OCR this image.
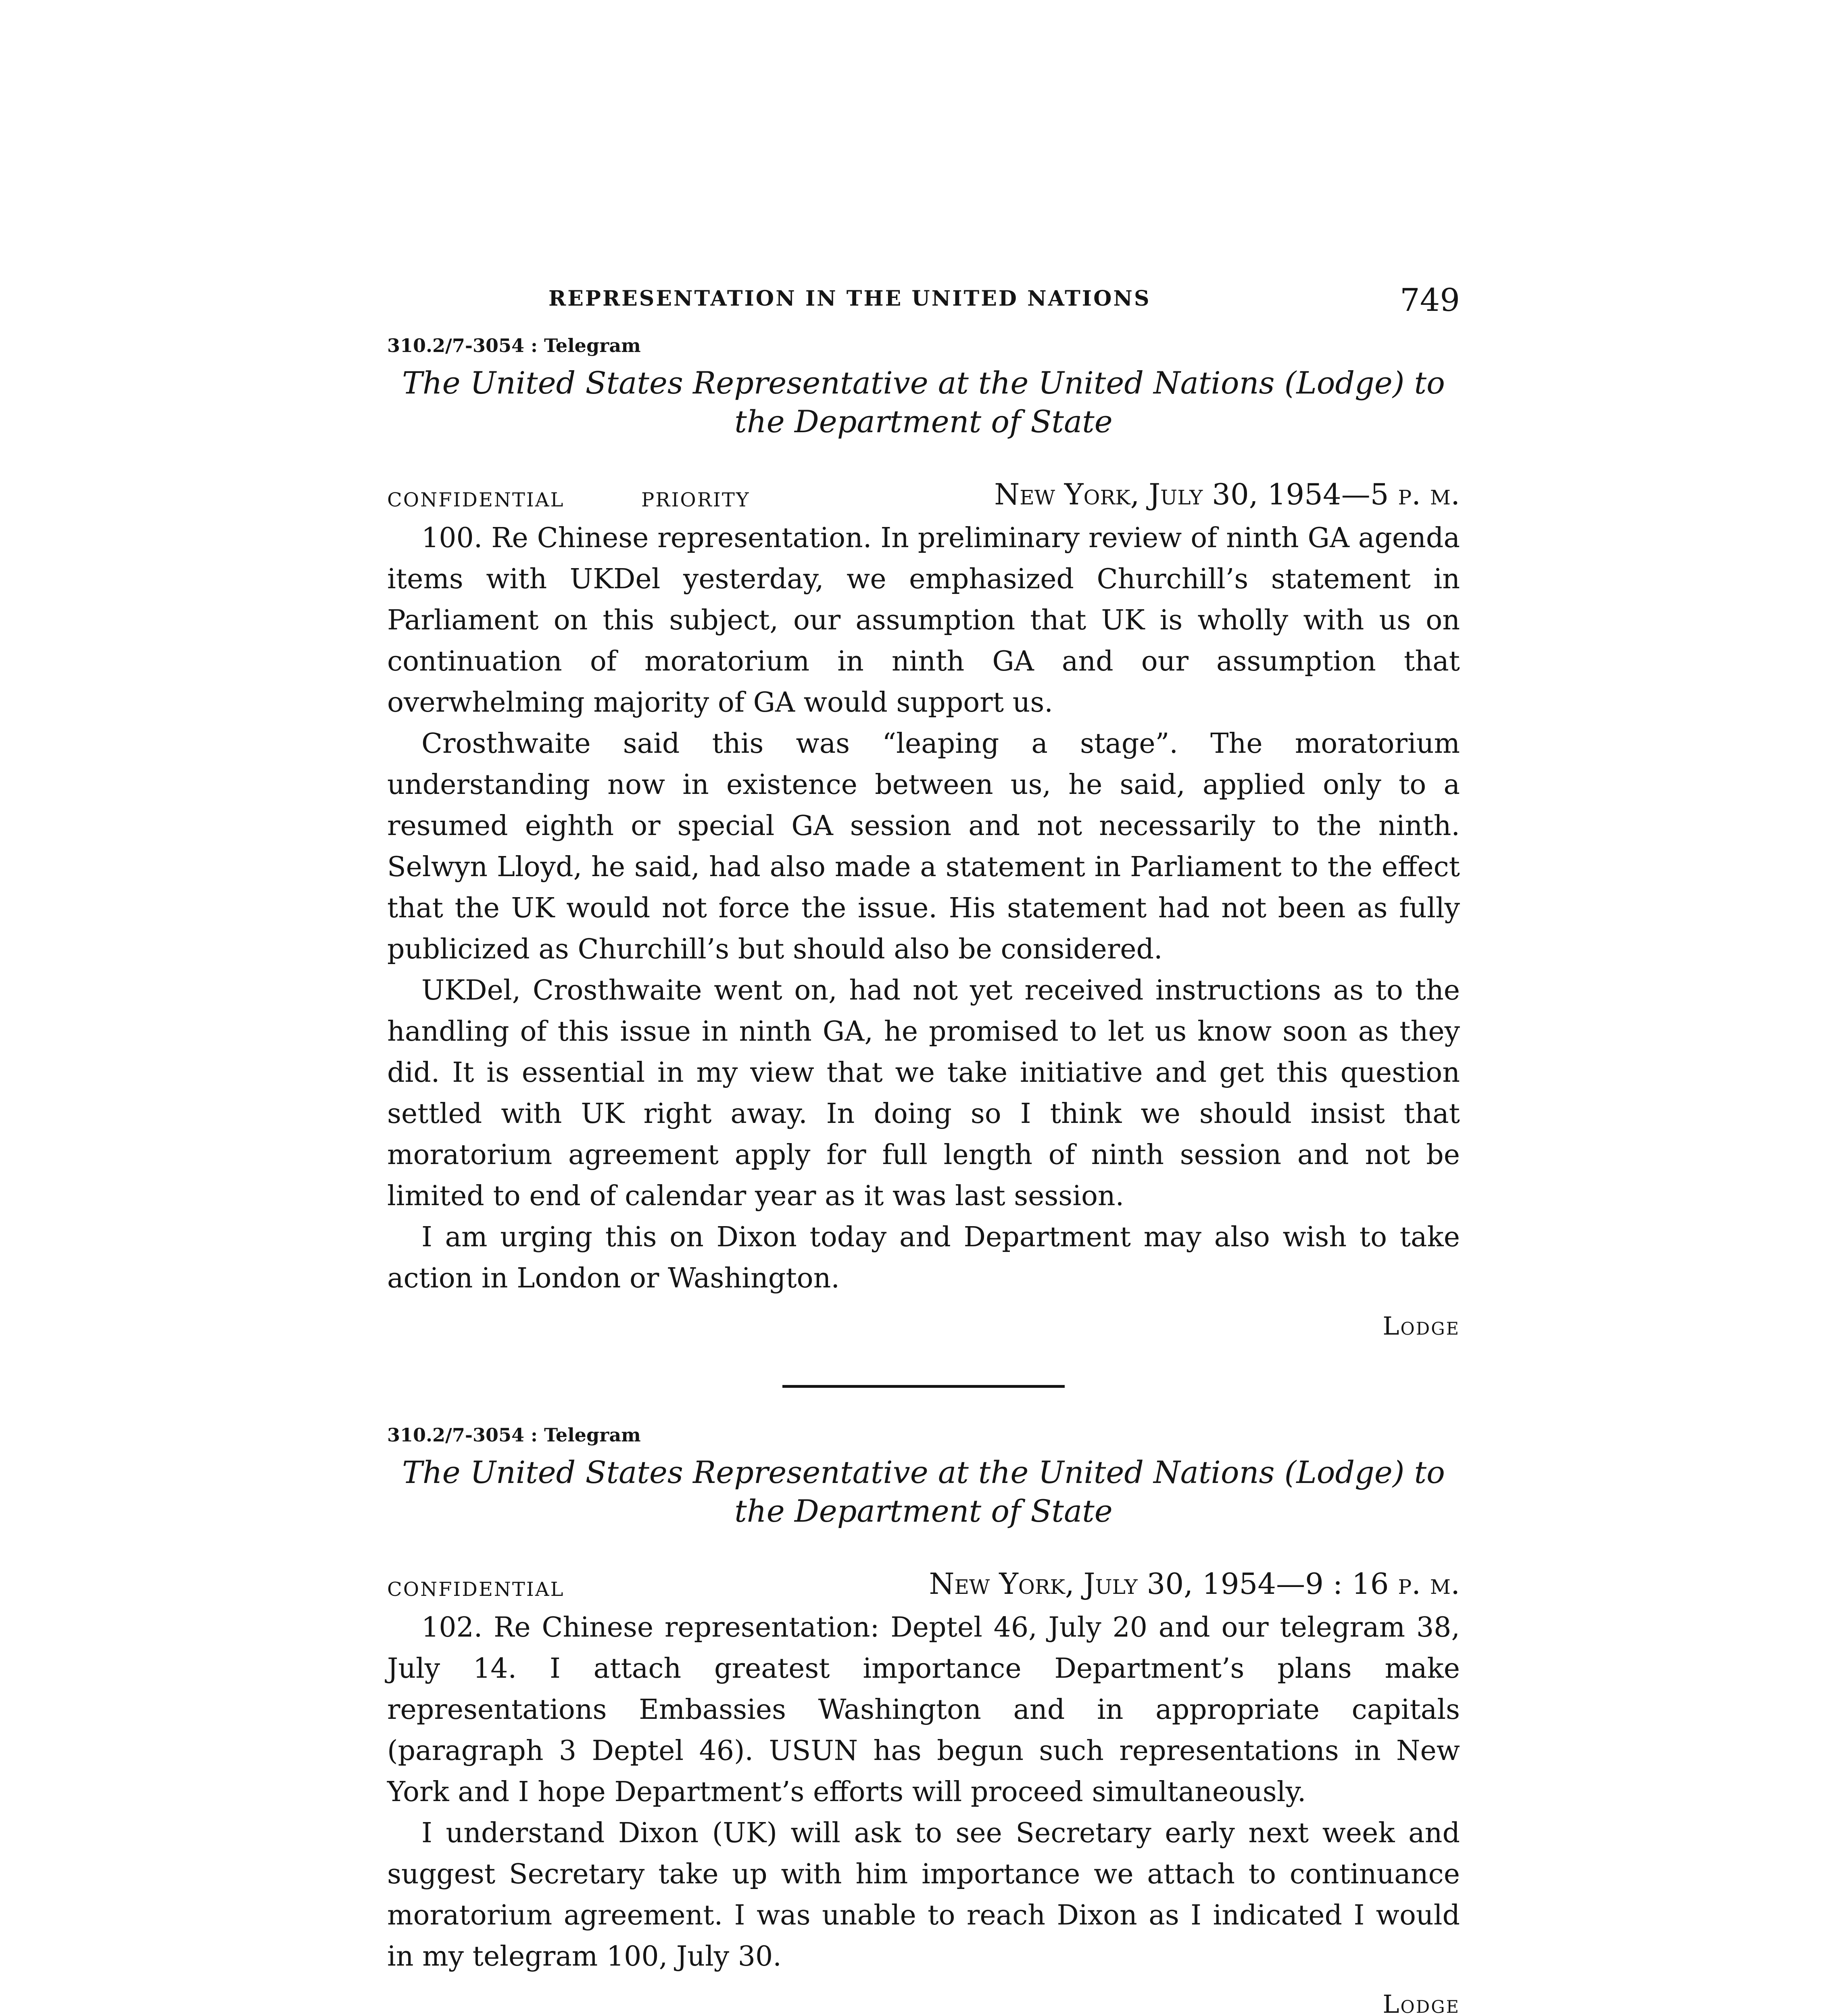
REPRESENTATION IN THE UNITED NATIONS	749
310.2/7-3054 : Telegram
The United States Representative at the United Nations (Lodge) to
the Department of State
CONFIDENTIAL	PRIORITY	New York, July 30, 1954—5 p. m.

100. Re Chinese representation. In preliminary review of ninth GA agenda items with UKDel yesterday, we emphasized Churchill’s statement in Parliament on this subject, our assumption that UK is wholly with us on continuation of moratorium in ninth GA and our assumption that overwhelming majority of GA would support us.

Crosthwaite said this was “leaping a stage”. The moratorium understanding now in existence between us, he said, applied only to a resumed eighth or special GA session and not necessarily to the ninth. Selwyn Lloyd, he said, had also made a statement in Parliament to the effect that the UK would not force the issue. His statement had not been as fully publicized as Churchill’s but should also be considered.

UKDel, Crosthwaite went on, had not yet received instructions as to the handling of this issue in ninth GA, he promised to let us know soon as they did. It is essential in my view that we take initiative and get this question settled with UK right away. In doing so I think we should insist that moratorium agreement apply for full length of ninth session and not be limited to end of calendar year as it was last session.

I am urging this on Dixon today and Department may also wish to take action in London or Washington.

Lodge
310.2/7-3054 : Telegram
The United States Representative at the United Nations (Lodge) to
the Department of State
CONFIDENTIAL	New York, July 30, 1954—9 : 16 p. m.

102. Re Chinese representation: Deptel 46, July 20 and our telegram 38, July 14. I attach greatest importance Department’s plans make representations Embassies Washington and in appropriate capitals (paragraph 3 Deptel 46). USUN has begun such representations in New York and I hope Department’s efforts will proceed simultaneously.

I understand Dixon (UK) will ask to see Secretary early next week and suggest Secretary take up with him importance we attach to continuance moratorium agreement. I was unable to reach Dixon as I indicated I would in my telegram 100, July 30.

Lodge
